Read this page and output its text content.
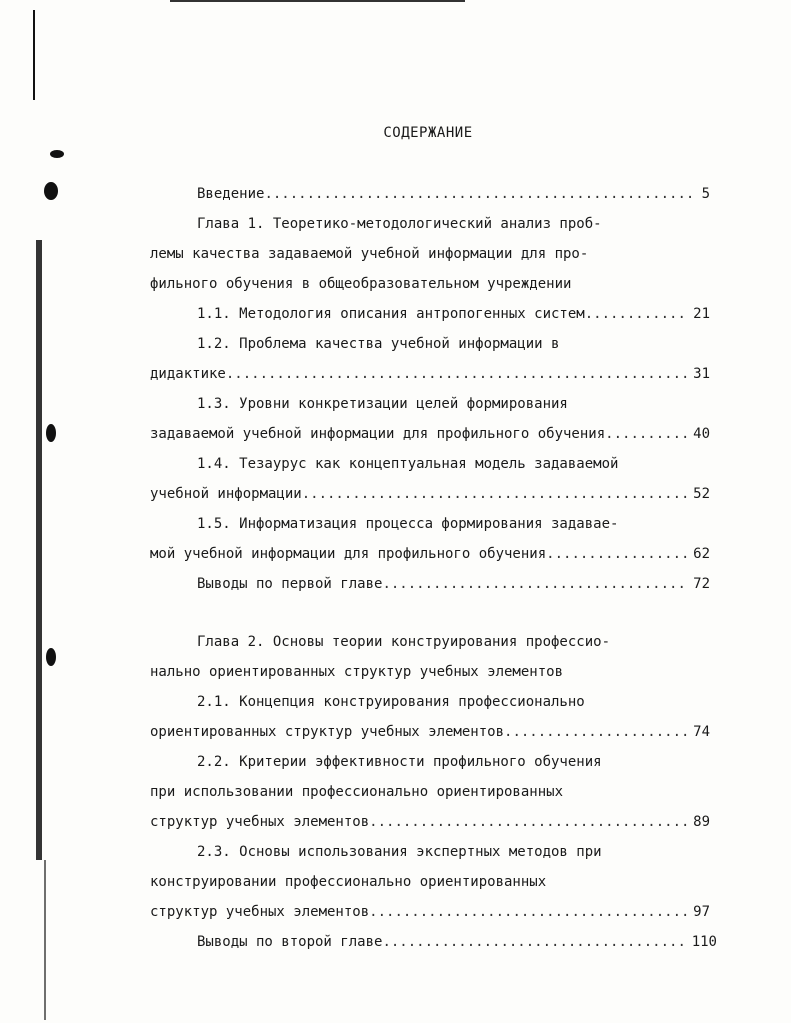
СОДЕРЖАНИЕ
Введение .....	5
Глава 1. Теоретико-методологический анализ проб-
лемы качества задаваемой учебной информации для про-
фильного обучения в общеобразовательном учреждении
1.1. Методология описания антропогенных систем .....	21
1.2. Проблема качества учебной информации в
дидактике .....	31
1.3. Уровни конкретизации целей формирования
задаваемой учебной информации для профильного обучения .....	40
1.4. Тезаурус как концептуальная модель задаваемой
учебной информации .....	52
1.5. Информатизация процесса формирования задавае-
мой учебной информации для профильного обучения .....	62
Выводы по первой главе .....	72
Глава 2. Основы теории конструирования профессио-
нально ориентированных структур учебных элементов
2.1. Концепция конструирования профессионально
ориентированных структур учебных элементов .....	74
2.2. Критерии эффективности профильного обучения
при использовании профессионально ориентированных
структур учебных элементов .....	89
2.3. Основы использования экспертных методов при
конструировании профессионально ориентированных
структур учебных элементов .....	97
Выводы по второй главе .....	110
